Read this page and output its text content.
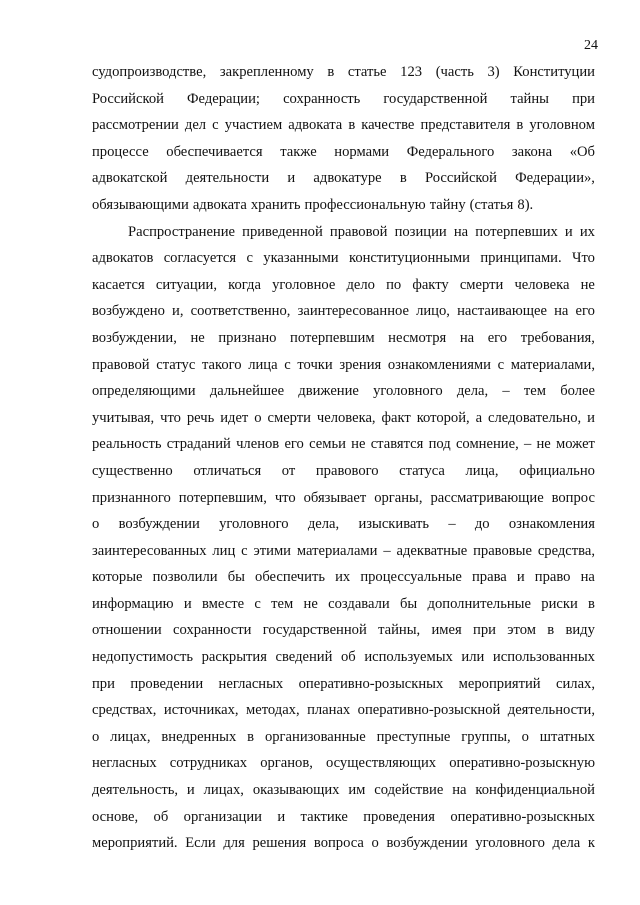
24
судопроизводстве, закрепленному в статье 123 (часть 3) Конституции
Российской Федерации; сохранность государственной тайны при
рассмотрении дел с участием адвоката в качестве представителя в уголовном
процессе обеспечивается также нормами Федерального закона «Об
адвокатской деятельности и адвокатуре в Российской Федерации»,
обязывающими адвоката хранить профессиональную тайну (статья 8).
Распространение приведенной правовой позиции на потерпевших и их
адвокатов согласуется с указанными конституционными принципами. Что
касается ситуации, когда уголовное дело по факту смерти человека не
возбуждено и, соответственно, заинтересованное лицо, настаивающее на его
возбуждении, не признано потерпевшим несмотря на его требования,
правовой статус такого лица с точки зрения ознакомлениями с материалами,
определяющими дальнейшее движение уголовного дела, – тем более
учитывая, что речь идет о смерти человека, факт которой, а следовательно, и
реальность страданий членов его семьи не ставятся под сомнение, – не может
существенно отличаться от правового статуса лица, официально
признанного потерпевшим, что обязывает органы, рассматривающие вопрос
о возбуждении уголовного дела, изыскивать – до ознакомления
заинтересованных лиц с этими материалами – адекватные правовые средства,
которые позволили бы обеспечить их процессуальные права и право на
информацию и вместе с тем не создавали бы дополнительные риски в
отношении сохранности государственной тайны, имея при этом в виду
недопустимость раскрытия сведений об используемых или использованных
при проведении негласных оперативно-розыскных мероприятий силах,
средствах, источниках, методах, планах оперативно-розыскной деятельности,
о лицах, внедренных в организованные преступные группы, о штатных
негласных сотрудниках органов, осуществляющих оперативно-розыскную
деятельность, и лицах, оказывающих им содействие на конфиденциальной
основе, об организации и тактике проведения оперативно-розыскных
мероприятий. Если для решения вопроса о возбуждении уголовного дела к
